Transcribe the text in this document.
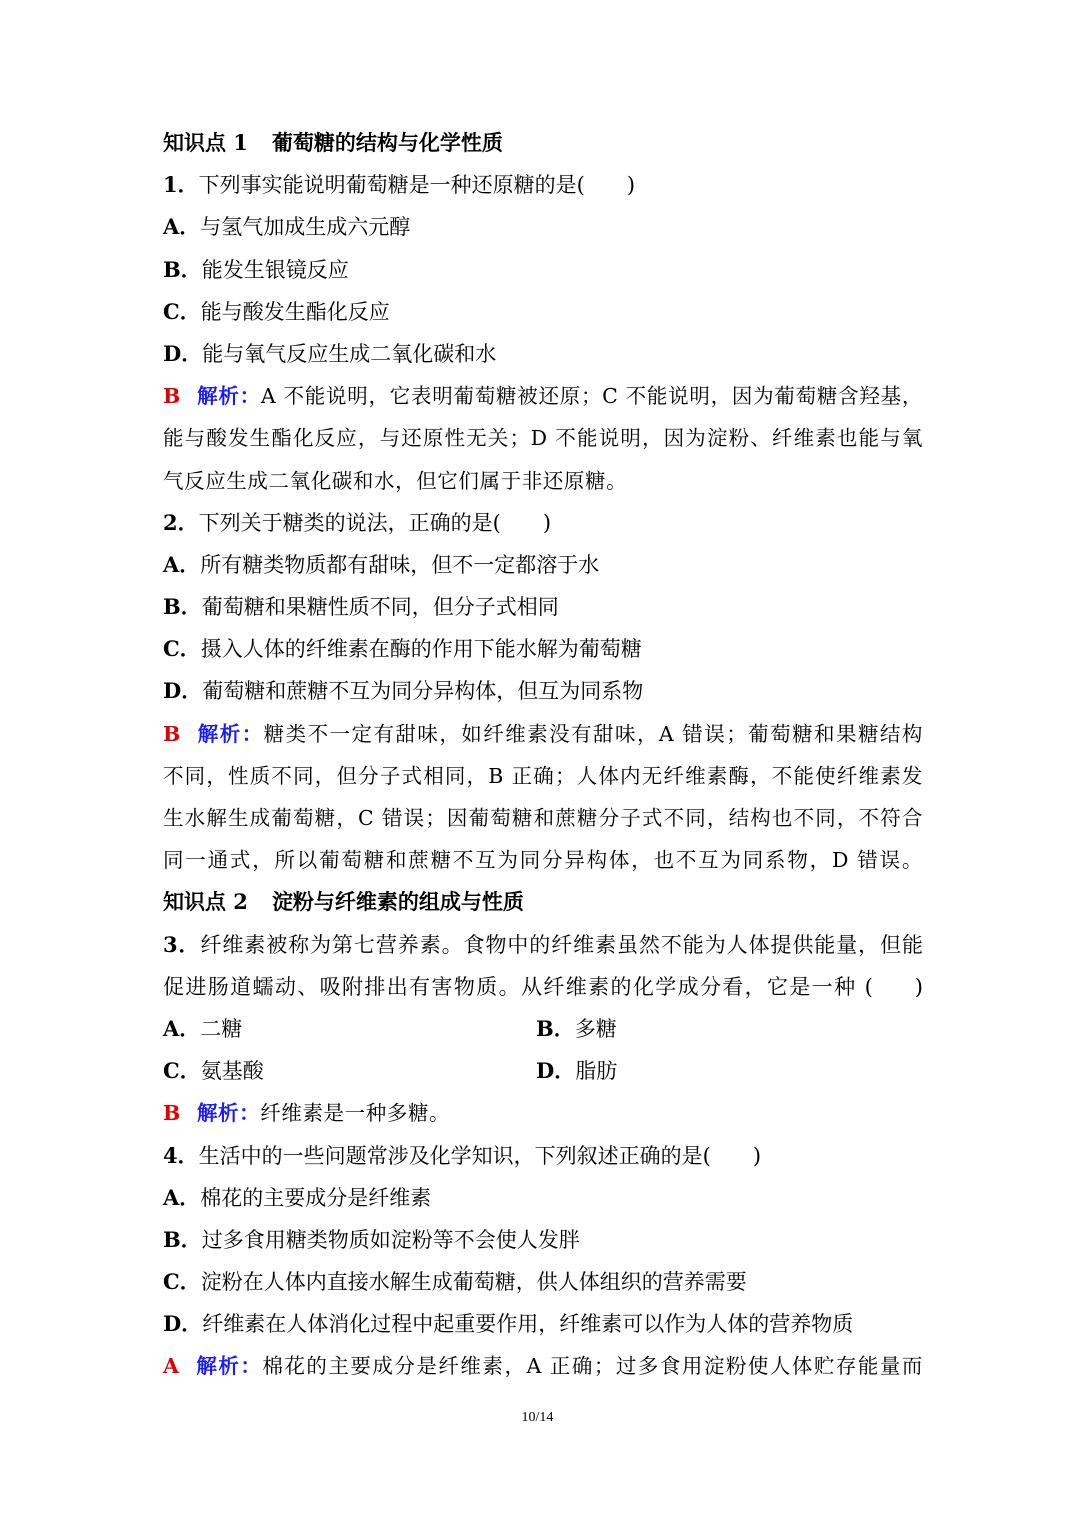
知识点 1 葡萄糖的结构与化学性质
1．下列事实能说明葡萄糖是一种还原糖的是(　　)
A．与氢气加成生成六元醇
B．能发生银镜反应
C．能与酸发生酯化反应
D．能与氧气反应生成二氧化碳和水
B 解析：A 不能说明，它表明葡萄糖被还原；C 不能说明，因为葡萄糖含羟基，
能与酸发生酯化反应，与还原性无关；D 不能说明，因为淀粉、纤维素也能与氧
气反应生成二氧化碳和水，但它们属于非还原糖。
2．下列关于糖类的说法，正确的是(　　)
A．所有糖类物质都有甜味，但不一定都溶于水
B．葡萄糖和果糖性质不同，但分子式相同
C．摄入人体的纤维素在酶的作用下能水解为葡萄糖
D．葡萄糖和蔗糖不互为同分异构体，但互为同系物
B 解析：糖类不一定有甜味，如纤维素没有甜味，A 错误；葡萄糖和果糖结构
不同，性质不同，但分子式相同，B 正确；人体内无纤维素酶，不能使纤维素发
生水解生成葡萄糖，C 错误；因葡萄糖和蔗糖分子式不同，结构也不同，不符合
同一通式，所以葡萄糖和蔗糖不互为同分异构体，也不互为同系物，D 错误。
知识点 2 淀粉与纤维素的组成与性质
3．纤维素被称为第七营养素。食物中的纤维素虽然不能为人体提供能量，但能
促进肠道蠕动、吸附排出有害物质。从纤维素的化学成分看，它是一种 (　　)
A．二糖	B．多糖
C．氨基酸	D．脂肪
B 解析：纤维素是一种多糖。
4．生活中的一些问题常涉及化学知识，下列叙述正确的是(　　)
A．棉花的主要成分是纤维素
B．过多食用糖类物质如淀粉等不会使人发胖
C．淀粉在人体内直接水解生成葡萄糖，供人体组织的营养需要
D．纤维素在人体消化过程中起重要作用，纤维素可以作为人体的营养物质
A 解析：棉花的主要成分是纤维素，A 正确；过多食用淀粉使人体贮存能量而
10/14
